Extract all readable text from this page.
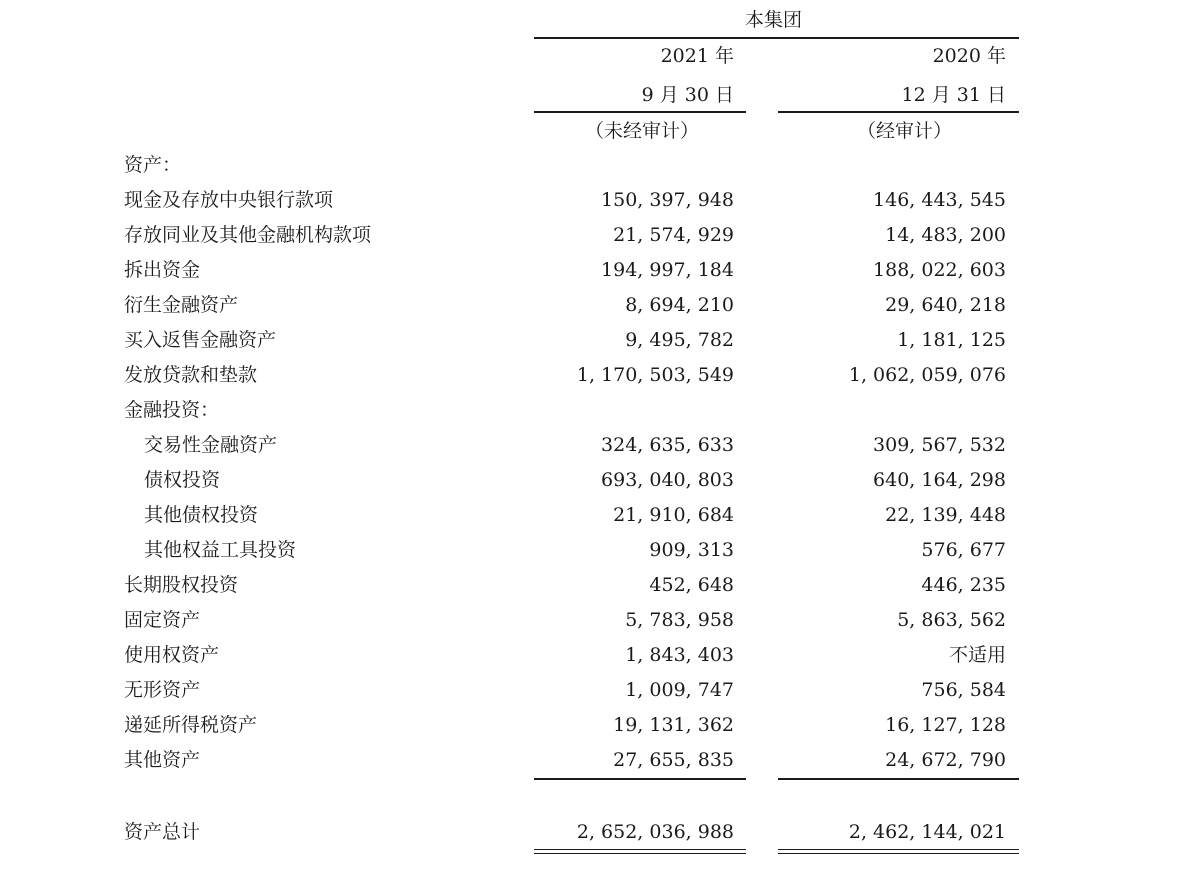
本集团
2021 年	2020 年
9 月 30 日	12 月 31 日
（未经审计）	（经审计）
资产：
现金及存放中央银行款项	150, 397, 948	146, 443, 545
存放同业及其他金融机构款项	21, 574, 929	14, 483, 200
拆出资金	194, 997, 184	188, 022, 603
衍生金融资产	8, 694, 210	29, 640, 218
买入返售金融资产	9, 495, 782	1, 181, 125
发放贷款和垫款	1, 170, 503, 549	1, 062, 059, 076
金融投资：
交易性金融资产	324, 635, 633	309, 567, 532
债权投资	693, 040, 803	640, 164, 298
其他债权投资	21, 910, 684	22, 139, 448
其他权益工具投资	909, 313	576, 677
长期股权投资	452, 648	446, 235
固定资产	5, 783, 958	5, 863, 562
使用权资产	1, 843, 403	不适用
无形资产	1, 009, 747	756, 584
递延所得税资产	19, 131, 362	16, 127, 128
其他资产	27, 655, 835	24, 672, 790
资产总计	2, 652, 036, 988	2, 462, 144, 021
